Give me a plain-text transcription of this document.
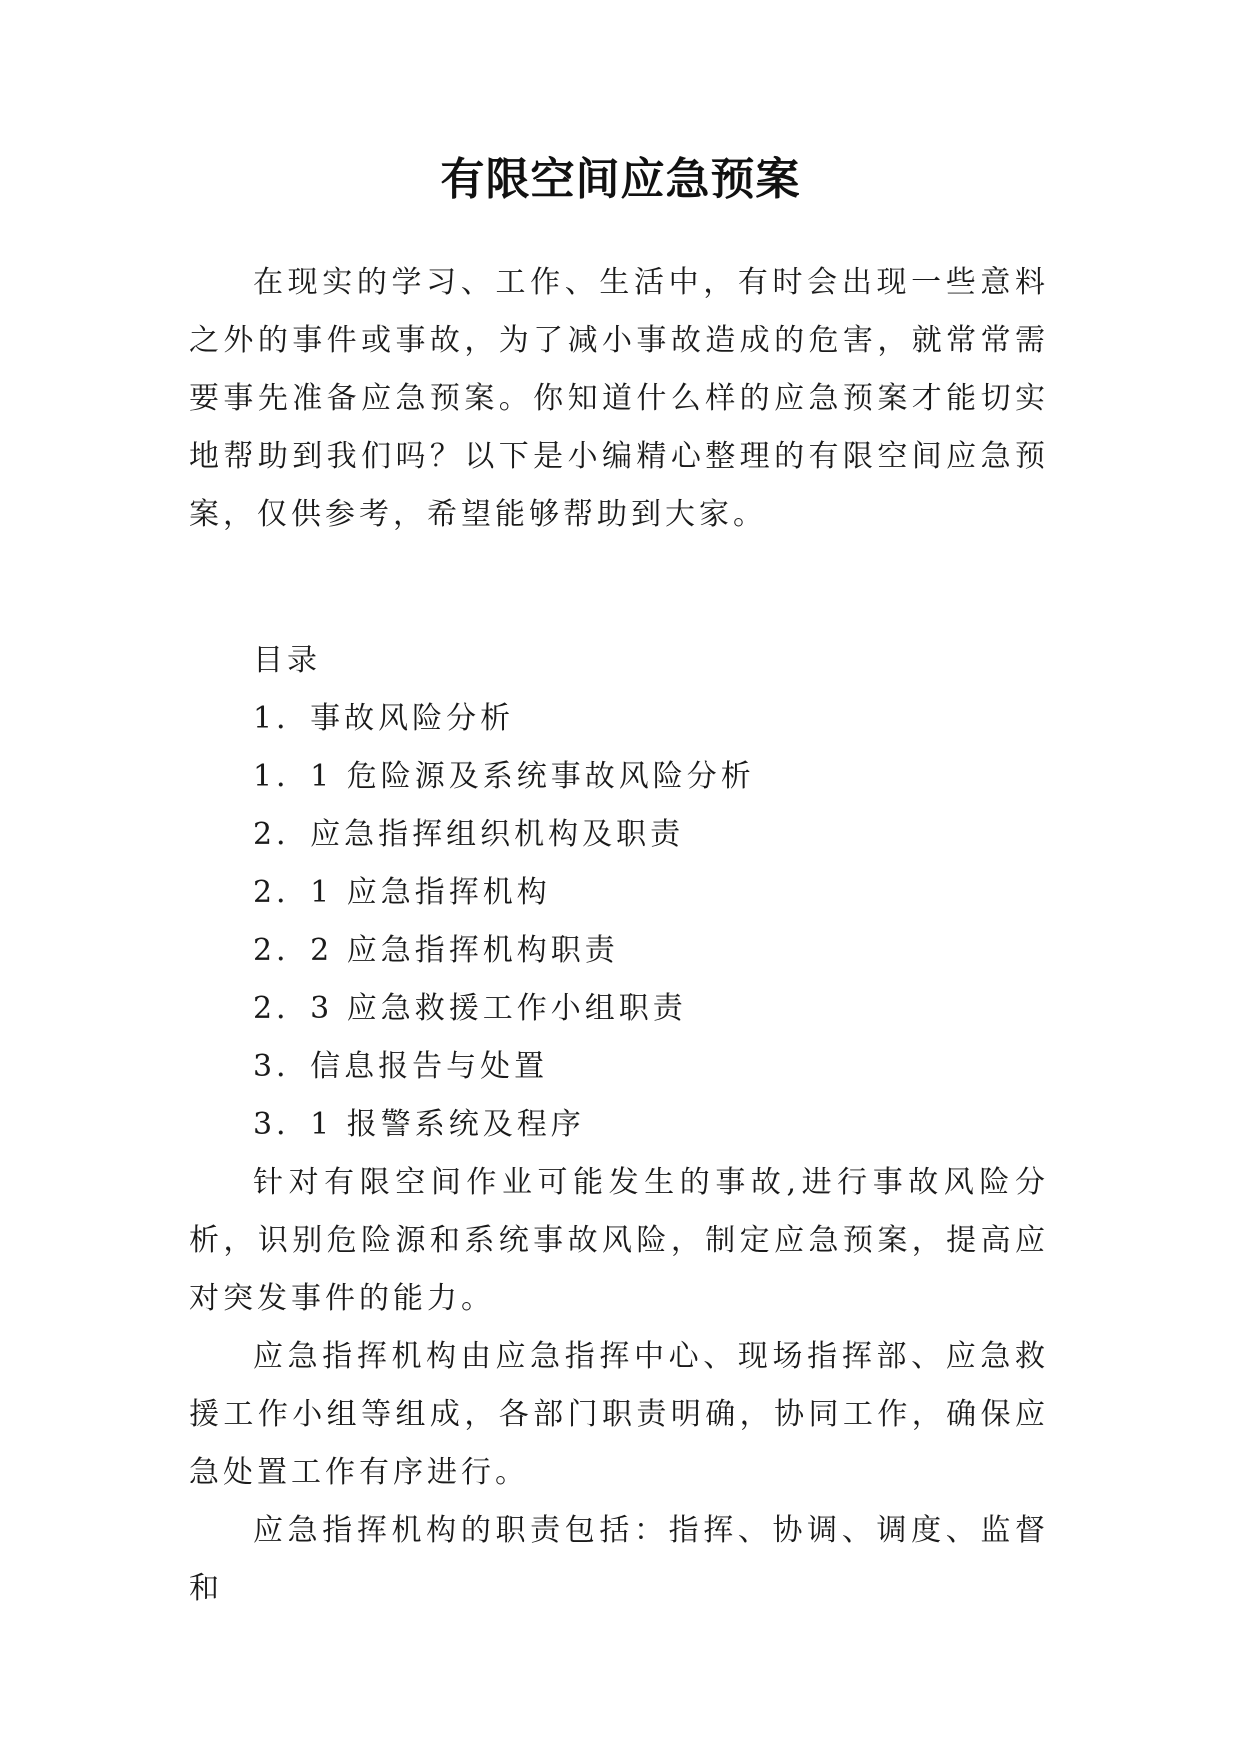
有限空间应急预案

在现实的学习、工作、生活中，有时会出现一些意料之外的事件或事故，为了减小事故造成的危害，就常常需要事先准备应急预案。你知道什么样的应急预案才能切实地帮助到我们吗？以下是小编精心整理的有限空间应急预案，仅供参考，希望能够帮助到大家。

目录
1．事故风险分析
1．1 危险源及系统事故风险分析
2．应急指挥组织机构及职责
2．1 应急指挥机构
2．2 应急指挥机构职责
2．3 应急救援工作小组职责
3．信息报告与处置
3．1 报警系统及程序

针对有限空间作业可能发生的事故,进行事故风险分析，识别危险源和系统事故风险，制定应急预案，提高应对突发事件的能力。

应急指挥机构由应急指挥中心、现场指挥部、应急救援工作小组等组成，各部门职责明确，协同工作，确保应急处置工作有序进行。

应急指挥机构的职责包括：指挥、协调、调度、监督和
